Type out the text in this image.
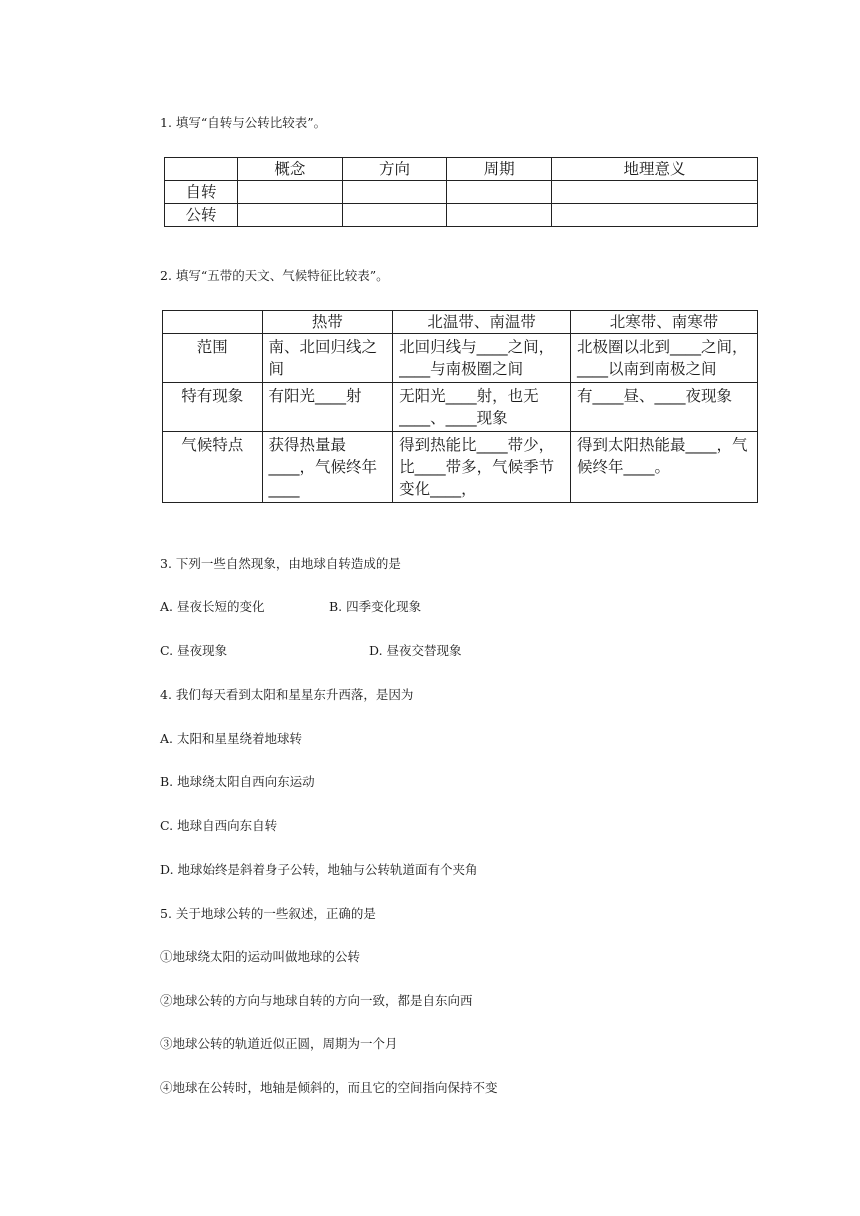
1. 填写“自转与公转比较表”。
	概念	方向	周期	地理意义
自转				
公转				
2. 填写“五带的天文、气候特征比较表”。
	热带	北温带、南温带	北寒带、南寒带
范围	南、北回归线之间	北回归线与____之间，____与南极圈之间	北极圈以北到____之间，____以南到南极之间
特有现象	有阳光____射	无阳光____射，也无____、____现象	有____昼、____夜现象
气候特点	获得热量最____，气候终年____	得到热能比____带少，比____带多，气候季节变化____，	得到太阳热能最____，气候终年____。
3. 下列一些自然现象，由地球自转造成的是
A. 昼夜长短的变化	B. 四季变化现象
C. 昼夜现象	D. 昼夜交替现象
4. 我们每天看到太阳和星星东升西落，是因为
A. 太阳和星星绕着地球转
B. 地球绕太阳自西向东运动
C. 地球自西向东自转
D. 地球始终是斜着身子公转，地轴与公转轨道面有个夹角
5. 关于地球公转的一些叙述，正确的是
①地球绕太阳的运动叫做地球的公转
②地球公转的方向与地球自转的方向一致，都是自东向西
③地球公转的轨道近似正圆，周期为一个月
④地球在公转时，地轴是倾斜的，而且它的空间指向保持不变
